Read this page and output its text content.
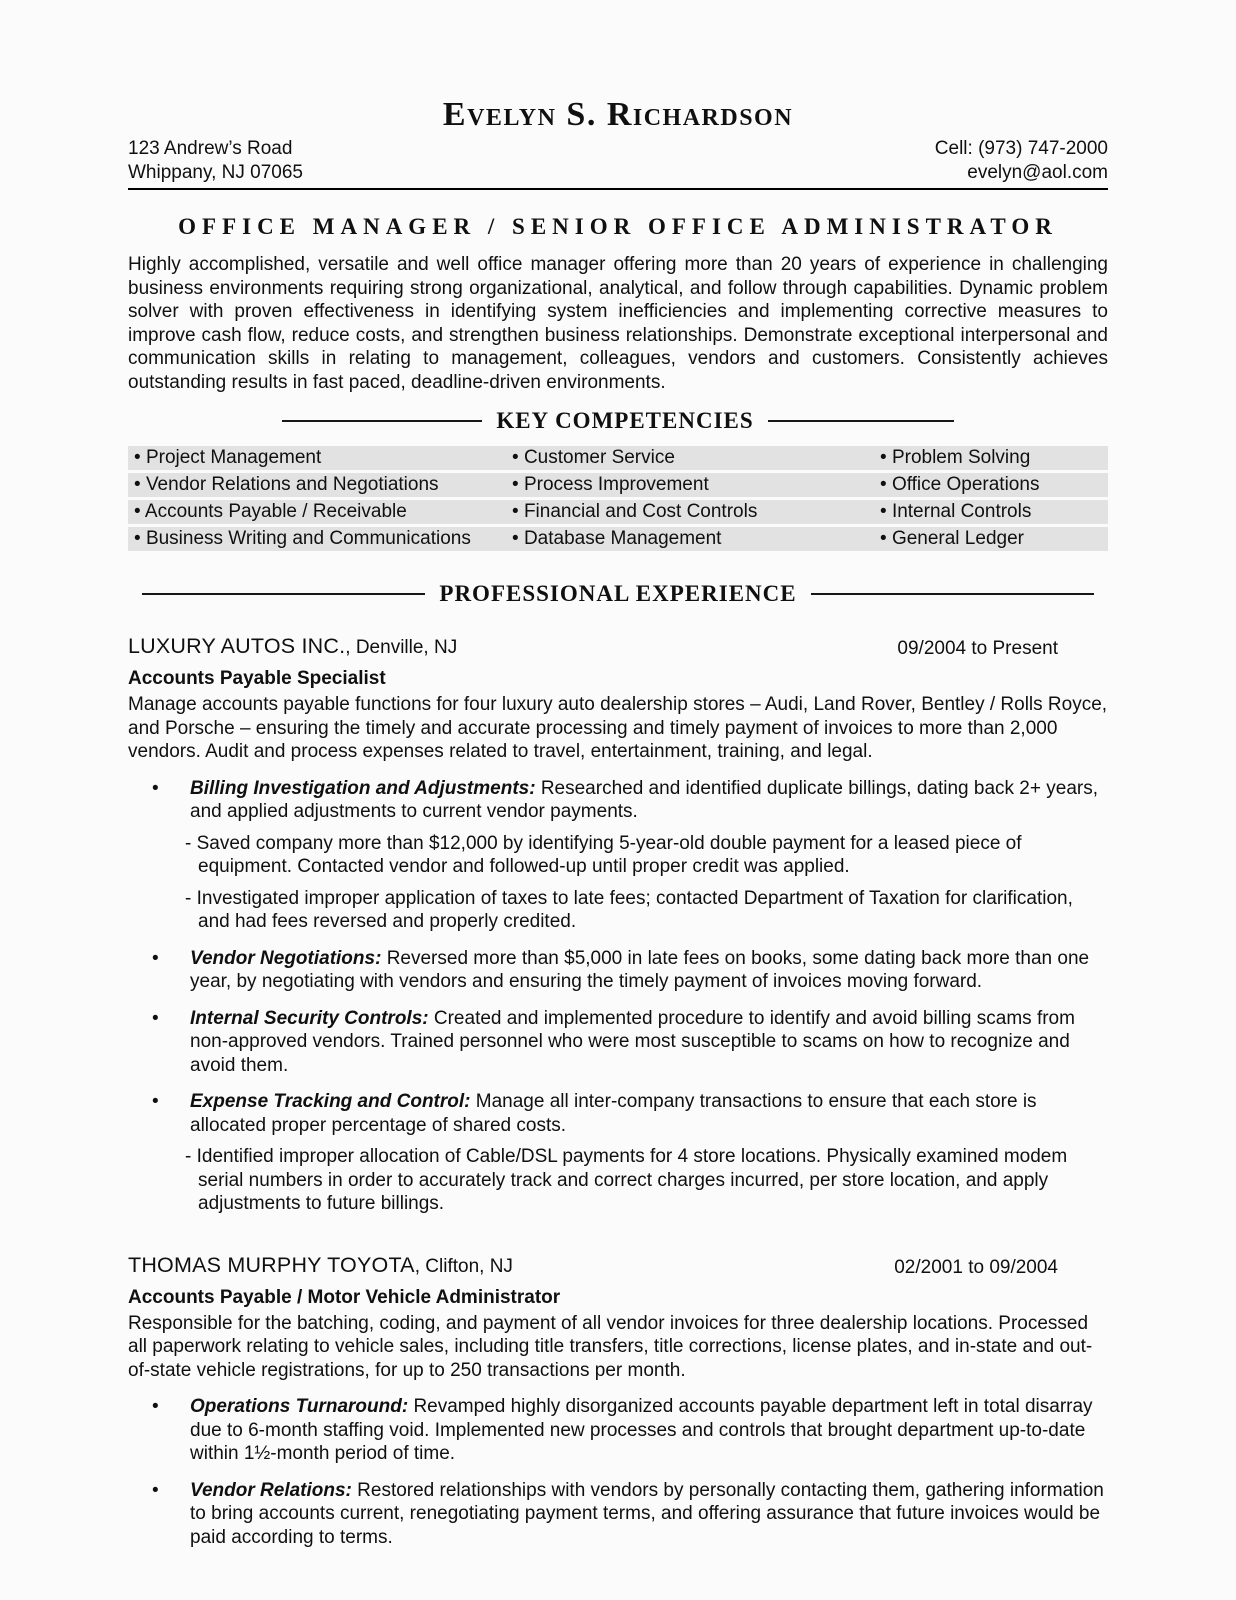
Evelyn S. Richardson
123 Andrew’s Road
Whippany, NJ 07065
Cell: (973) 747-2000
evelyn@aol.com
OFFICE MANAGER / SENIOR OFFICE ADMINISTRATOR
Highly accomplished, versatile and well office manager offering more than 20 years of experience in challenging business environments requiring strong organizational, analytical, and follow through capabilities. Dynamic problem solver with proven effectiveness in identifying system inefficiencies and implementing corrective measures to improve cash flow, reduce costs, and strengthen business relationships. Demonstrate exceptional interpersonal and communication skills in relating to management, colleagues, vendors and customers. Consistently achieves outstanding results in fast paced, deadline-driven environments.
KEY COMPETENCIES
• Project Management	• Customer Service	• Problem Solving
• Vendor Relations and Negotiations	• Process Improvement	• Office Operations
• Accounts Payable / Receivable	• Financial and Cost Controls	• Internal Controls
• Business Writing and Communications	• Database Management	• General Ledger
PROFESSIONAL EXPERIENCE
LUXURY AUTOS INC., Denville, NJ	09/2004 to Present
Accounts Payable Specialist
Manage accounts payable functions for four luxury auto dealership stores – Audi, Land Rover, Bentley / Rolls Royce, and Porsche – ensuring the timely and accurate processing and timely payment of invoices to more than 2,000 vendors. Audit and process expenses related to travel, entertainment, training, and legal.
• Billing Investigation and Adjustments: Researched and identified duplicate billings, dating back 2+ years, and applied adjustments to current vendor payments.
- Saved company more than $12,000 by identifying 5-year-old double payment for a leased piece of equipment. Contacted vendor and followed-up until proper credit was applied.
- Investigated improper application of taxes to late fees; contacted Department of Taxation for clarification, and had fees reversed and properly credited.
• Vendor Negotiations: Reversed more than $5,000 in late fees on books, some dating back more than one year, by negotiating with vendors and ensuring the timely payment of invoices moving forward.
• Internal Security Controls: Created and implemented procedure to identify and avoid billing scams from non-approved vendors. Trained personnel who were most susceptible to scams on how to recognize and avoid them.
• Expense Tracking and Control: Manage all inter-company transactions to ensure that each store is allocated proper percentage of shared costs.
- Identified improper allocation of Cable/DSL payments for 4 store locations. Physically examined modem serial numbers in order to accurately track and correct charges incurred, per store location, and apply adjustments to future billings.
THOMAS MURPHY TOYOTA, Clifton, NJ	02/2001 to 09/2004
Accounts Payable / Motor Vehicle Administrator
Responsible for the batching, coding, and payment of all vendor invoices for three dealership locations. Processed all paperwork relating to vehicle sales, including title transfers, title corrections, license plates, and in-state and out-of-state vehicle registrations, for up to 250 transactions per month.
• Operations Turnaround: Revamped highly disorganized accounts payable department left in total disarray due to 6-month staffing void. Implemented new processes and controls that brought department up-to-date within 1½-month period of time.
• Vendor Relations: Restored relationships with vendors by personally contacting them, gathering information to bring accounts current, renegotiating payment terms, and offering assurance that future invoices would be paid according to terms.
